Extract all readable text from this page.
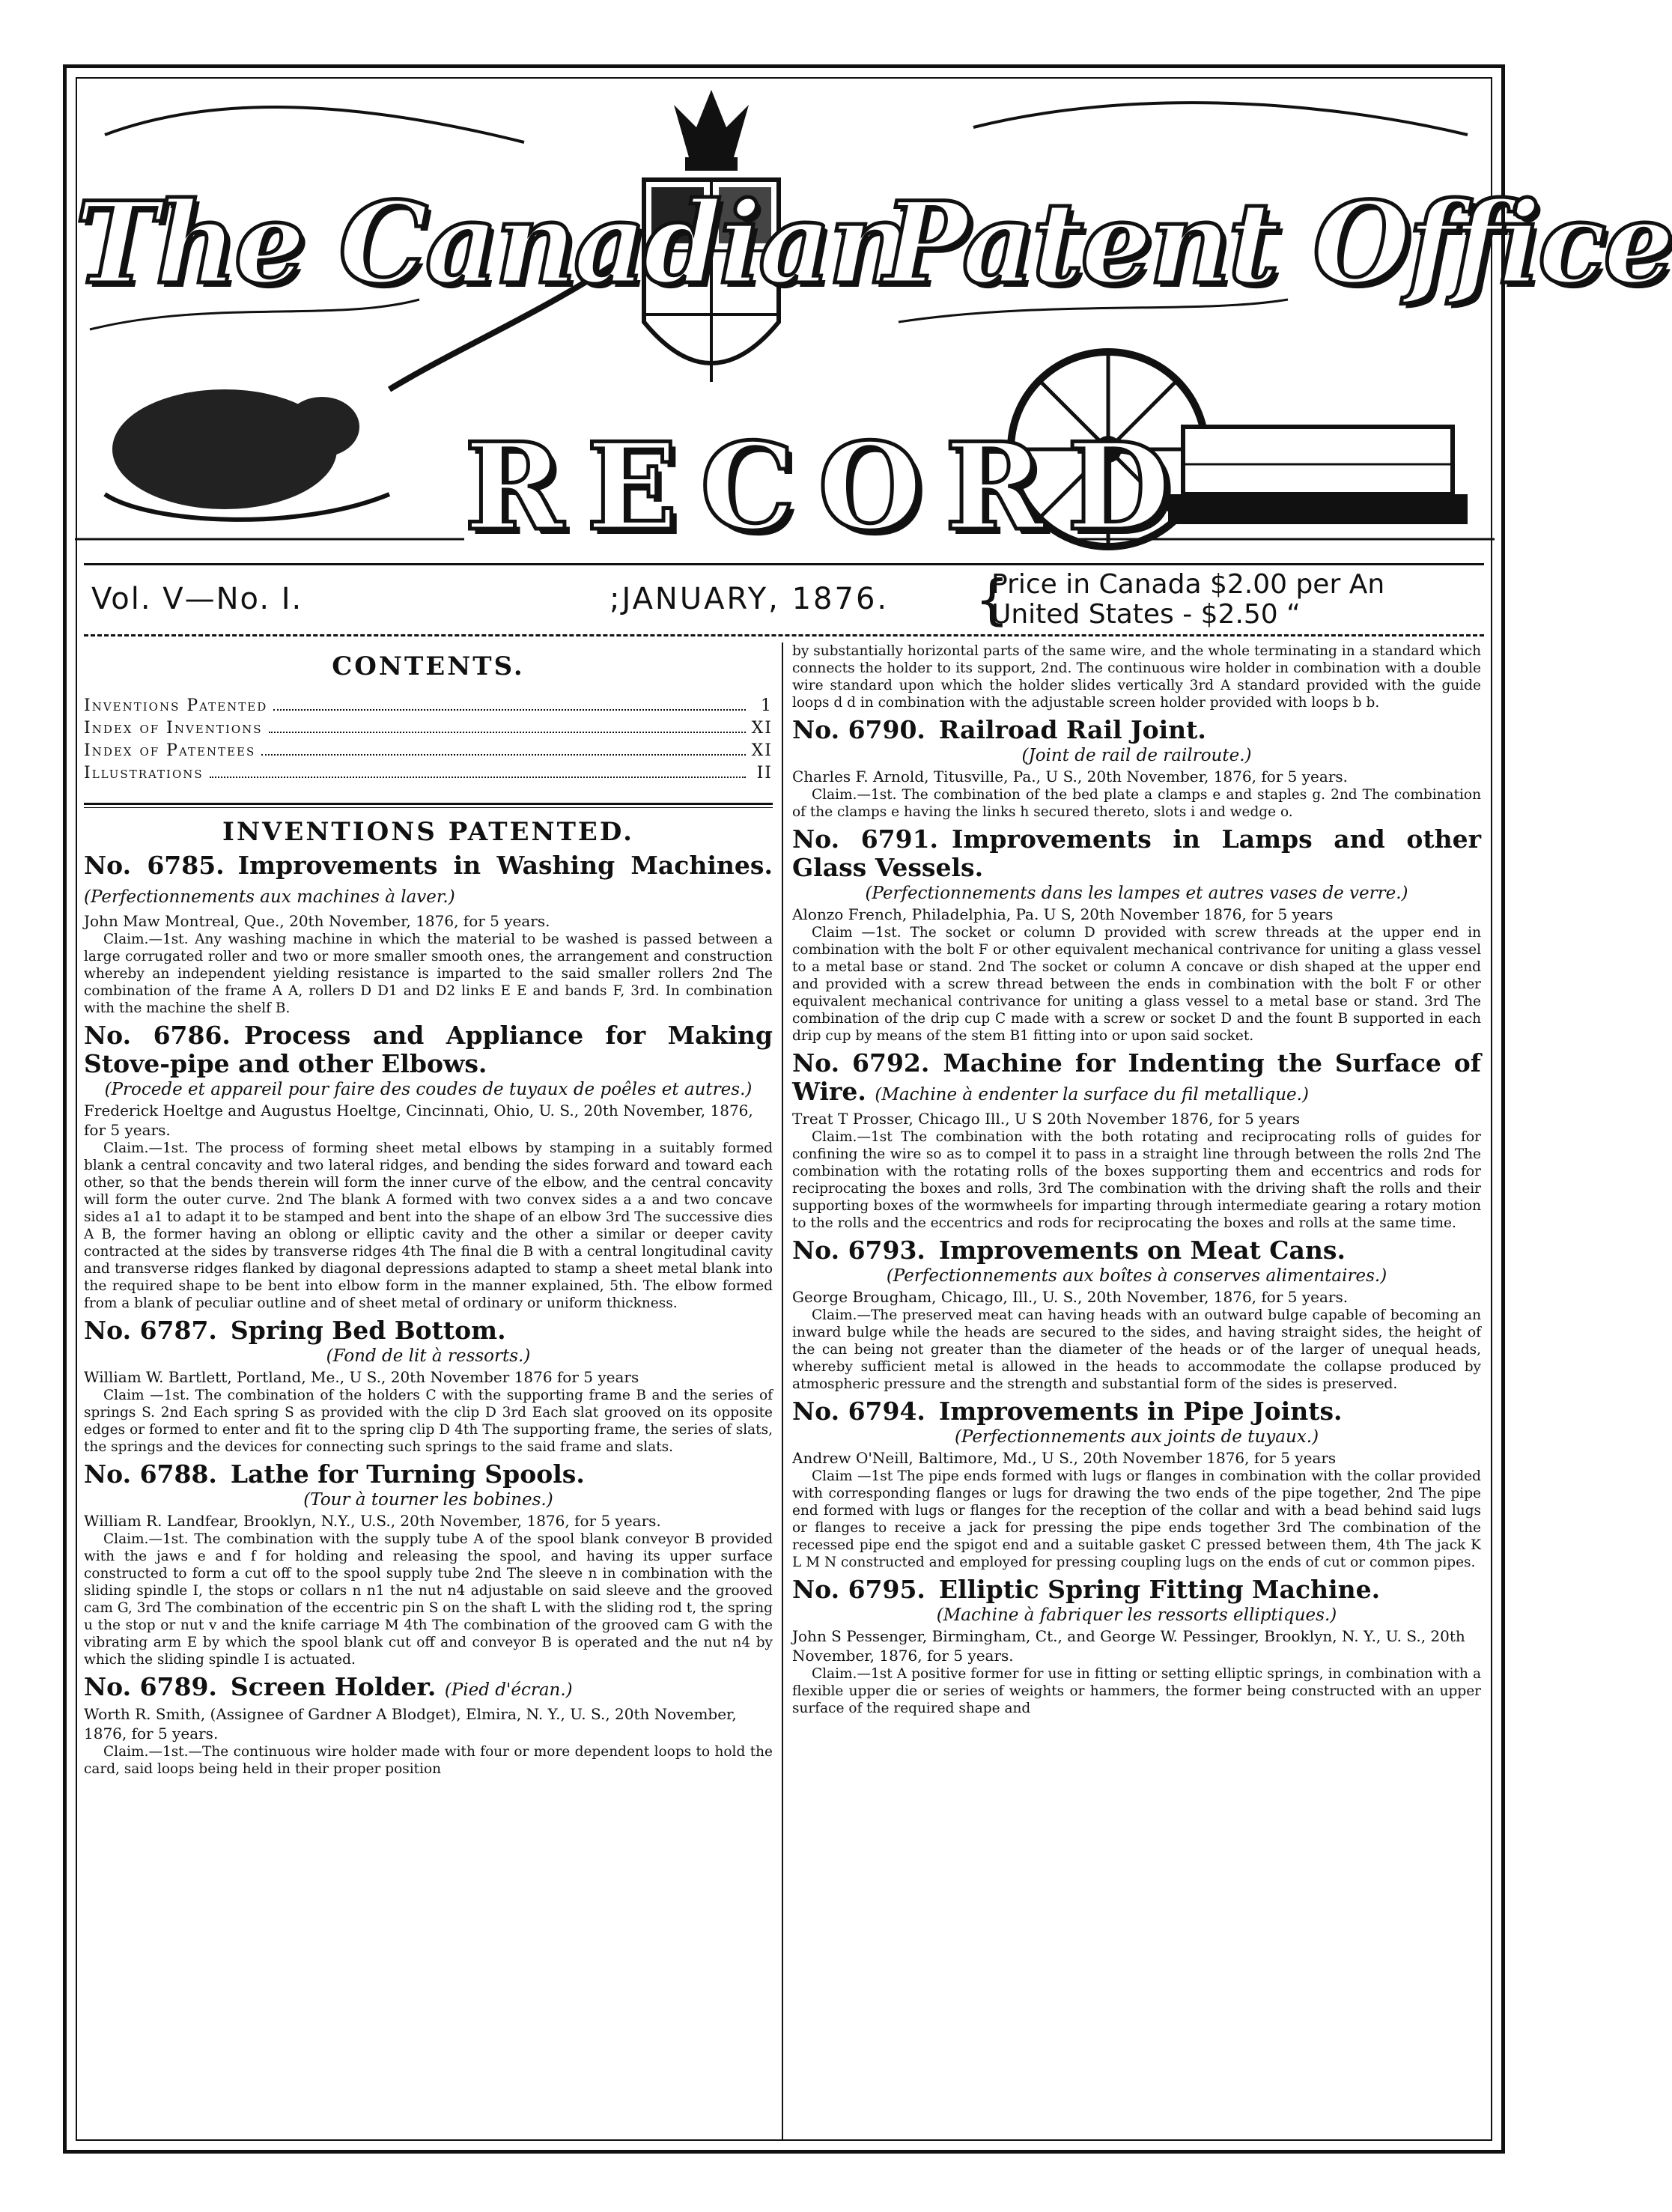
The Canadian
Patent Office
RECORD
Vol. V—No. I.	;JANUARY, 1876. {
Price in Canada $2.00 per An
United States - $2.50 “
CONTENTS.
Inventions Patented	1
Index of Inventions	XI
Index of Patentees	XI
Illustrations	II
INVENTIONS PATENTED.
No. 6785. Improvements in Washing Machines. (Perfectionnements aux machines à laver.)
John Maw Montreal, Que., 20th November, 1876, for 5 years.
Claim.—1st. Any washing machine in which the material to be washed is passed between a large corrugated roller and two or more smaller smooth ones, the arrangement and construction whereby an independent yielding resistance is imparted to the said smaller rollers 2nd The combination of the frame A A, rollers D D1 and D2 links E E and bands F, 3rd. In combination with the machine the shelf B.
No. 6786. Process and Appliance for Making Stove-pipe and other Elbows.
(Procede et appareil pour faire des coudes de tuyaux de poêles et autres.)
Frederick Hoeltge and Augustus Hoeltge, Cincinnati, Ohio, U. S., 20th November, 1876, for 5 years.
Claim.—1st. The process of forming sheet metal elbows by stamping in a suitably formed blank a central concavity and two lateral ridges, and bending the sides forward and toward each other, so that the bends therein will form the inner curve of the elbow, and the central concavity will form the outer curve. 2nd The blank A formed with two convex sides a a and two concave sides a1 a1 to adapt it to be stamped and bent into the shape of an elbow 3rd The successive dies A B, the former having an oblong or elliptic cavity and the other a similar or deeper cavity contracted at the sides by transverse ridges 4th The final die B with a central longitudinal cavity and transverse ridges flanked by diagonal depressions adapted to stamp a sheet metal blank into the required shape to be bent into elbow form in the manner explained, 5th. The elbow formed from a blank of peculiar outline and of sheet metal of ordinary or uniform thickness.
No. 6787. Spring Bed Bottom.
(Fond de lit à ressorts.)
William W. Bartlett, Portland, Me., U S., 20th November 1876 for 5 years
Claim —1st. The combination of the holders C with the supporting frame B and the series of springs S. 2nd Each spring S as provided with the clip D 3rd Each slat grooved on its opposite edges or formed to enter and fit to the spring clip D 4th The supporting frame, the series of slats, the springs and the devices for connecting such springs to the said frame and slats.
No. 6788. Lathe for Turning Spools.
(Tour à tourner les bobines.)
William R. Landfear, Brooklyn, N.Y., U.S., 20th November, 1876, for 5 years.
Claim.—1st. The combination with the supply tube A of the spool blank conveyor B provided with the jaws e and f for holding and releasing the spool, and having its upper surface constructed to form a cut off to the spool supply tube 2nd The sleeve n in combination with the sliding spindle I, the stops or collars n n1 the nut n4 adjustable on said sleeve and the grooved cam G, 3rd The combination of the eccentric pin S on the shaft L with the sliding rod t, the spring u the stop or nut v and the knife carriage M 4th The combination of the grooved cam G with the vibrating arm E by which the spool blank cut off and conveyor B is operated and the nut n4 by which the sliding spindle I is actuated.
No. 6789. Screen Holder. (Pied d'écran.)
Worth R. Smith, (Assignee of Gardner A Blodget), Elmira, N. Y., U. S., 20th November, 1876, for 5 years.
Claim.—1st.—The continuous wire holder made with four or more dependent loops to hold the card, said loops being held in their proper position
by substantially horizontal parts of the same wire, and the whole terminating in a standard which connects the holder to its support, 2nd. The continuous wire holder in combination with a double wire standard upon which the holder slides vertically 3rd A standard provided with the guide loops d d in combination with the adjustable screen holder provided with loops b b.
No. 6790. Railroad Rail Joint.
(Joint de rail de railroute.)
Charles F. Arnold, Titusville, Pa., U S., 20th November, 1876, for 5 years.
Claim.—1st. The combination of the bed plate a clamps e and staples g. 2nd The combination of the clamps e having the links h secured thereto, slots i and wedge o.
No. 6791. Improvements in Lamps and other Glass Vessels.
(Perfectionnements dans les lampes et autres vases de verre.)
Alonzo French, Philadelphia, Pa. U S, 20th November 1876, for 5 years
Claim —1st. The socket or column D provided with screw threads at the upper end in combination with the bolt F or other equivalent mechanical contrivance for uniting a glass vessel to a metal base or stand. 2nd The socket or column A concave or dish shaped at the upper end and provided with a screw thread between the ends in combination with the bolt F or other equivalent mechanical contrivance for uniting a glass vessel to a metal base or stand. 3rd The combination of the drip cup C made with a screw or socket D and the fount B supported in each drip cup by means of the stem B1 fitting into or upon said socket.
No. 6792. Machine for Indenting the Surface of Wire. (Machine à endenter la surface du fil metallique.)
Treat T Prosser, Chicago Ill., U S 20th November 1876, for 5 years
Claim.—1st The combination with the both rotating and reciprocating rolls of guides for confining the wire so as to compel it to pass in a straight line through between the rolls 2nd The combination with the rotating rolls of the boxes supporting them and eccentrics and rods for reciprocating the boxes and rolls, 3rd The combination with the driving shaft the rolls and their supporting boxes of the wormwheels for imparting through intermediate gearing a rotary motion to the rolls and the eccentrics and rods for reciprocating the boxes and rolls at the same time.
No. 6793. Improvements on Meat Cans.
(Perfectionnements aux boîtes à conserves alimentaires.)
George Brougham, Chicago, Ill., U. S., 20th November, 1876, for 5 years.
Claim.—The preserved meat can having heads with an outward bulge capable of becoming an inward bulge while the heads are secured to the sides, and having straight sides, the height of the can being not greater than the diameter of the heads or of the larger of unequal heads, whereby sufficient metal is allowed in the heads to accommodate the collapse produced by atmospheric pressure and the strength and substantial form of the sides is preserved.
No. 6794. Improvements in Pipe Joints.
(Perfectionnements aux joints de tuyaux.)
Andrew O'Neill, Baltimore, Md., U S., 20th November 1876, for 5 years
Claim —1st The pipe ends formed with lugs or flanges in combination with the collar provided with corresponding flanges or lugs for drawing the two ends of the pipe together, 2nd The pipe end formed with lugs or flanges for the reception of the collar and with a bead behind said lugs or flanges to receive a jack for pressing the pipe ends together 3rd The combination of the recessed pipe end the spigot end and a suitable gasket C pressed between them, 4th The jack K L M N constructed and employed for pressing coupling lugs on the ends of cut or common pipes.
No. 6795. Elliptic Spring Fitting Machine.
(Machine à fabriquer les ressorts elliptiques.)
John S Pessenger, Birmingham, Ct., and George W. Pessinger, Brooklyn, N. Y., U. S., 20th November, 1876, for 5 years.
Claim.—1st A positive former for use in fitting or setting elliptic springs, in combination with a flexible upper die or series of weights or hammers, the former being constructed with an upper surface of the required shape and
